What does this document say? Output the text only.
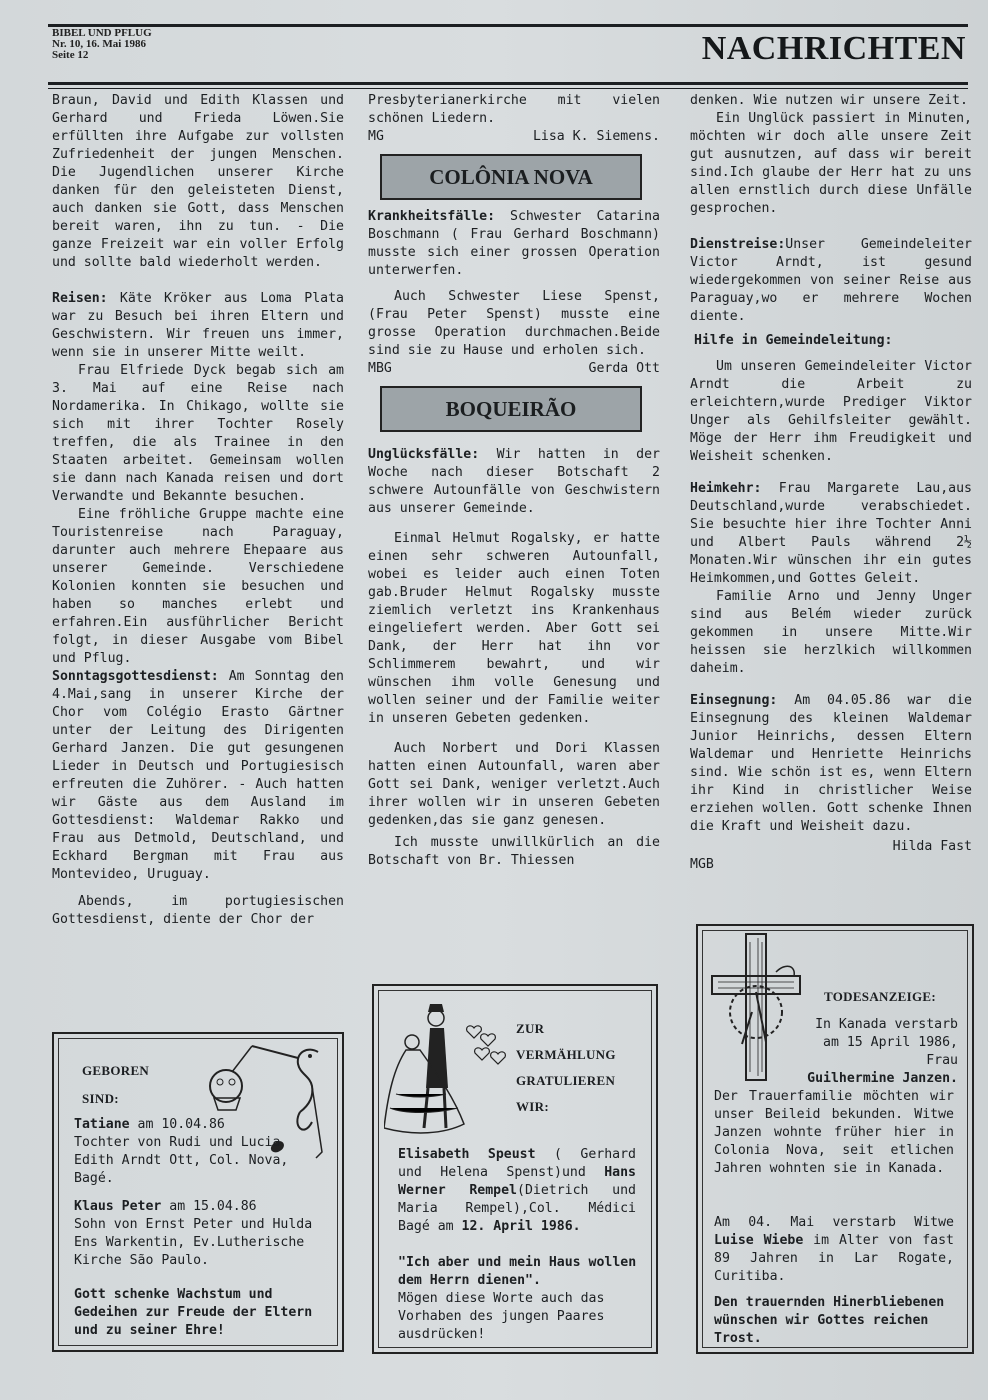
BIBEL UND PFLUG
Nr. 10, 16. Mai 1986
Seite 12	NACHRICHTEN

Braun, David und Edith Klassen und Gerhard und Frieda Löwen.Sie erfüllten ihre Aufgabe zur vollsten Zufriedenheit der jungen Menschen. Die Jugendlichen unserer Kirche danken für den geleisteten Dienst, auch danken sie Gott, dass Menschen bereit waren, ihn zu tun. - Die ganze Freizeit war ein voller Erfolg und sollte bald wiederholt werden.

Reisen: Käte Kröker aus Loma Plata war zu Besuch bei ihren Eltern und Geschwistern. Wir freuen uns immer, wenn sie in unserer Mitte weilt.

Frau Elfriede Dyck begab sich am 3. Mai auf eine Reise nach Nordamerika. In Chikago, wollte sie sich mit ihrer Tochter Rosely treffen, die als Trainee in den Staaten arbeitet. Gemeinsam wollen sie dann nach Kanada reisen und dort Verwandte und Bekannte besuchen.

Eine fröhliche Gruppe machte eine Touristenreise nach Paraguay, darunter auch mehrere Ehepaare aus unserer Gemeinde. Verschiedene Kolonien konnten sie besuchen und haben so manches erlebt und erfahren.Ein ausführlicher Bericht folgt, in dieser Ausgabe vom Bibel und Pflug.

Sonntagsgottesdienst: Am Sonntag den 4.Mai,sang in unserer Kirche der Chor vom Colégio Erasto Gärtner unter der Leitung des Dirigenten Gerhard Janzen. Die gut gesungenen Lieder in Deutsch und Portugiesisch erfreuten die Zuhörer. - Auch hatten wir Gäste aus dem Ausland im Gottesdienst: Waldemar Rakko und Frau aus Detmold, Deutschland, und Eckhard Bergman mit Frau aus Montevideo, Uruguay.

Abends, im portugiesischen Gottesdienst, diente der Chor der

Presbyterianerkirche mit vielen schönen Liedern.

MG	Lisa K. Siemens.
COLÔNIA NOVA

Krankheitsfälle: Schwester Catarina Boschmann ( Frau Gerhard Boschmann) musste sich einer grossen Operation unterwerfen.

Auch Schwester Liese Spenst, (Frau Peter Spenst) musste eine grosse Operation durchmachen.Beide sind sie zu Hause und erholen sich.

MBG	Gerda Ott
BOQUEIRÃO

Unglücksfälle: Wir hatten in der Woche nach dieser Botschaft 2 schwere Autounfälle von Geschwistern aus unserer Gemeinde.

Einmal Helmut Rogalsky, er hatte einen sehr schweren Autounfall, wobei es leider auch einen Toten gab.Bruder Helmut Rogalsky musste ziemlich verletzt ins Krankenhaus eingeliefert werden. Aber Gott sei Dank, der Herr hat ihn vor Schlimmerem bewahrt, und wir wünschen ihm volle Genesung und wollen seiner und der Familie weiter in unseren Gebeten gedenken.

Auch Norbert und Dori Klassen hatten einen Autounfall, waren aber Gott sei Dank, weniger verletzt.Auch ihrer wollen wir in unseren Gebeten gedenken,das sie ganz genesen.

Ich musste unwillkürlich an die Botschaft von Br. Thiessen

denken. Wie nutzen wir unsere Zeit.

Ein Unglück passiert in Minuten, möchten wir doch alle unsere Zeit gut ausnutzen, auf dass wir bereit sind.Ich glaube der Herr hat zu uns allen ernstlich durch diese Unfälle gesprochen.

Dienstreise:Unser Gemeindeleiter Victor Arndt, ist gesund wiedergekommen von seiner Reise aus Paraguay,wo er mehrere Wochen diente.

Hilfe in Gemeindeleitung:

Um unseren Gemeindeleiter Victor Arndt die Arbeit zu erleichtern,wurde Prediger Viktor Unger als Gehilfsleiter gewählt. Möge der Herr ihm Freudigkeit und Weisheit schenken.

Heimkehr: Frau Margarete Lau,aus Deutschland,wurde verabschiedet. Sie besuchte hier ihre Tochter Anni und Albert Pauls während 2½ Monaten.Wir wünschen ihr ein gutes Heimkommen,und Gottes Geleit.

Familie Arno und Jenny Unger sind aus Belém wieder zurück gekommen in unsere Mitte.Wir heissen sie herzlkich willkommen daheim.

Einsegnung: Am 04.05.86 war die Einsegnung des kleinen Waldemar Junior Heinrichs, dessen Eltern Waldemar und Henriette Heinrichs sind. Wie schön ist es, wenn Eltern ihr Kind in christlicher Weise erziehen wollen. Gott schenke Ihnen die Kraft und Weisheit dazu.

Hilda Fast
MGB
GEBOREN
SIND:
Tatiane am 10.04.86
Tochter von Rudi und Lucia Edith Arndt Ott, Col. Nova, Bagé.
Klaus Peter am 15.04.86
Sohn von Ernst Peter und Hulda Ens Warkentin, Ev.Lutherische Kirche São Paulo.
Gott schenke Wachstum und Gedeihen zur Freude der Eltern und zu seiner Ehre!
ZUR
VERMÄHLUNG
GRATULIEREN
WIR:
Elisabeth Speust ( Gerhard und Helena Spenst)und Hans Werner Rempel(Dietrich und Maria Rempel),Col. Médici Bagé am 12. April 1986.
"Ich aber und mein Haus wollen dem Herrn dienen".
Mögen diese Worte auch das Vorhaben des jungen Paares ausdrücken!
TODESANZEIGE:
In Kanada verstarb am 15 April 1986, Frau
Guilhermine Janzen.
Der Trauerfamilie möchten wir unser Beileid bekunden. Witwe Janzen wohnte früher hier in Colonia Nova, seit etlichen Jahren wohnten sie in Kanada.
Am 04. Mai verstarb Witwe Luise Wiebe im Alter von fast 89 Jahren in Lar Rogate, Curitiba.
Den trauernden Hinerbliebenen wünschen wir Gottes reichen Trost.
